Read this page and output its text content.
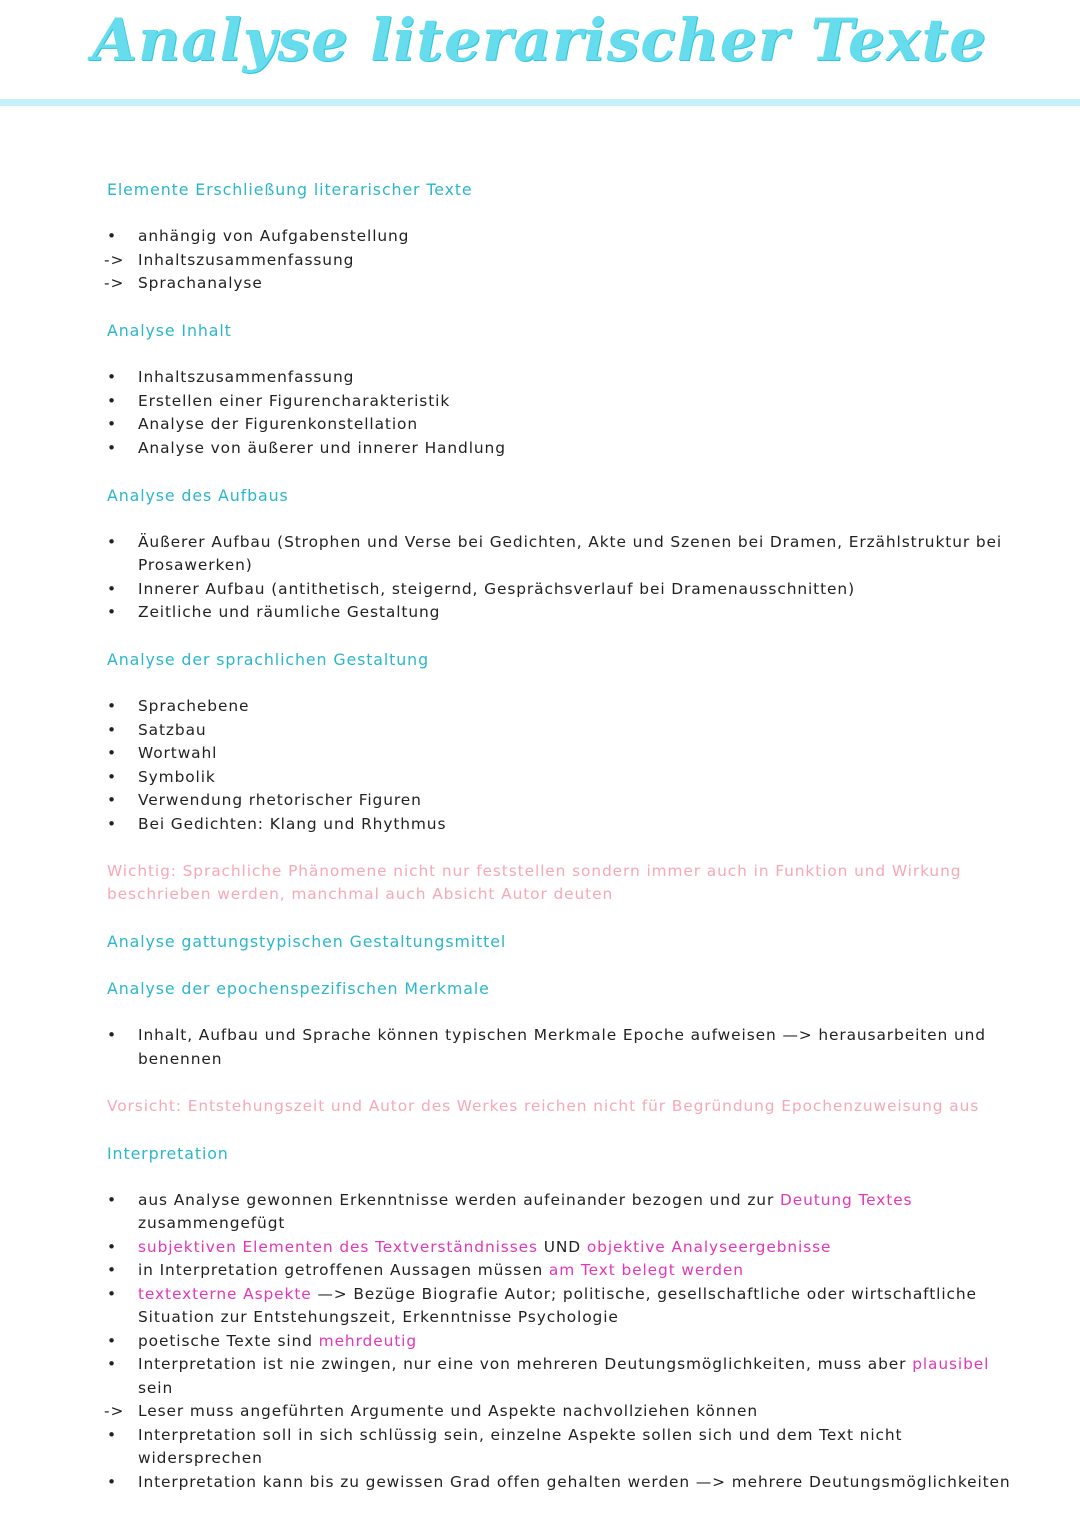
Analyse literarischer Texte
Elemente Erschließung literarischer Texte
• anhängig von Aufgabenstellung
-> Inhaltszusammenfassung
-> Sprachanalyse
Analyse Inhalt
• Inhaltszusammenfassung
• Erstellen einer Figurencharakteristik
• Analyse der Figurenkonstellation
• Analyse von äußerer und innerer Handlung
Analyse des Aufbaus
• Äußerer Aufbau (Strophen und Verse bei Gedichten, Akte und Szenen bei Dramen, Erzählstruktur bei Prosawerken)
• Innerer Aufbau (antithetisch, steigernd, Gesprächsverlauf bei Dramenausschnitten)
• Zeitliche und räumliche Gestaltung
Analyse der sprachlichen Gestaltung
• Sprachebene
• Satzbau
• Wortwahl
• Symbolik
• Verwendung rhetorischer Figuren
• Bei Gedichten: Klang und Rhythmus
Wichtig: Sprachliche Phänomene nicht nur feststellen sondern immer auch in Funktion und Wirkung beschrieben werden, manchmal auch Absicht Autor deuten
Analyse gattungstypischen Gestaltungsmittel
Analyse der epochenspezifischen Merkmale
• Inhalt, Aufbau und Sprache können typischen Merkmale Epoche aufweisen —> herausarbeiten und benennen
Vorsicht: Entstehungszeit und Autor des Werkes reichen nicht für Begründung Epochenzuweisung aus
Interpretation
• aus Analyse gewonnen Erkenntnisse werden aufeinander bezogen und zur Deutung Textes zusammengefügt
• subjektiven Elementen des Textverständnisses UND objektive Analyseergebnisse
• in Interpretation getroffenen Aussagen müssen am Text belegt werden
• textexterne Aspekte —> Bezüge Biografie Autor; politische, gesellschaftliche oder wirtschaftliche Situation zur Entstehungszeit, Erkenntnisse Psychologie
• poetische Texte sind mehrdeutig
• Interpretation ist nie zwingen, nur eine von mehreren Deutungsmöglichkeiten, muss aber plausibel sein
-> Leser muss angeführten Argumente und Aspekte nachvollziehen können
• Interpretation soll in sich schlüssig sein, einzelne Aspekte sollen sich und dem Text nicht widersprechen
• Interpretation kann bis zu gewissen Grad offen gehalten werden —> mehrere Deutungsmöglichkeiten
